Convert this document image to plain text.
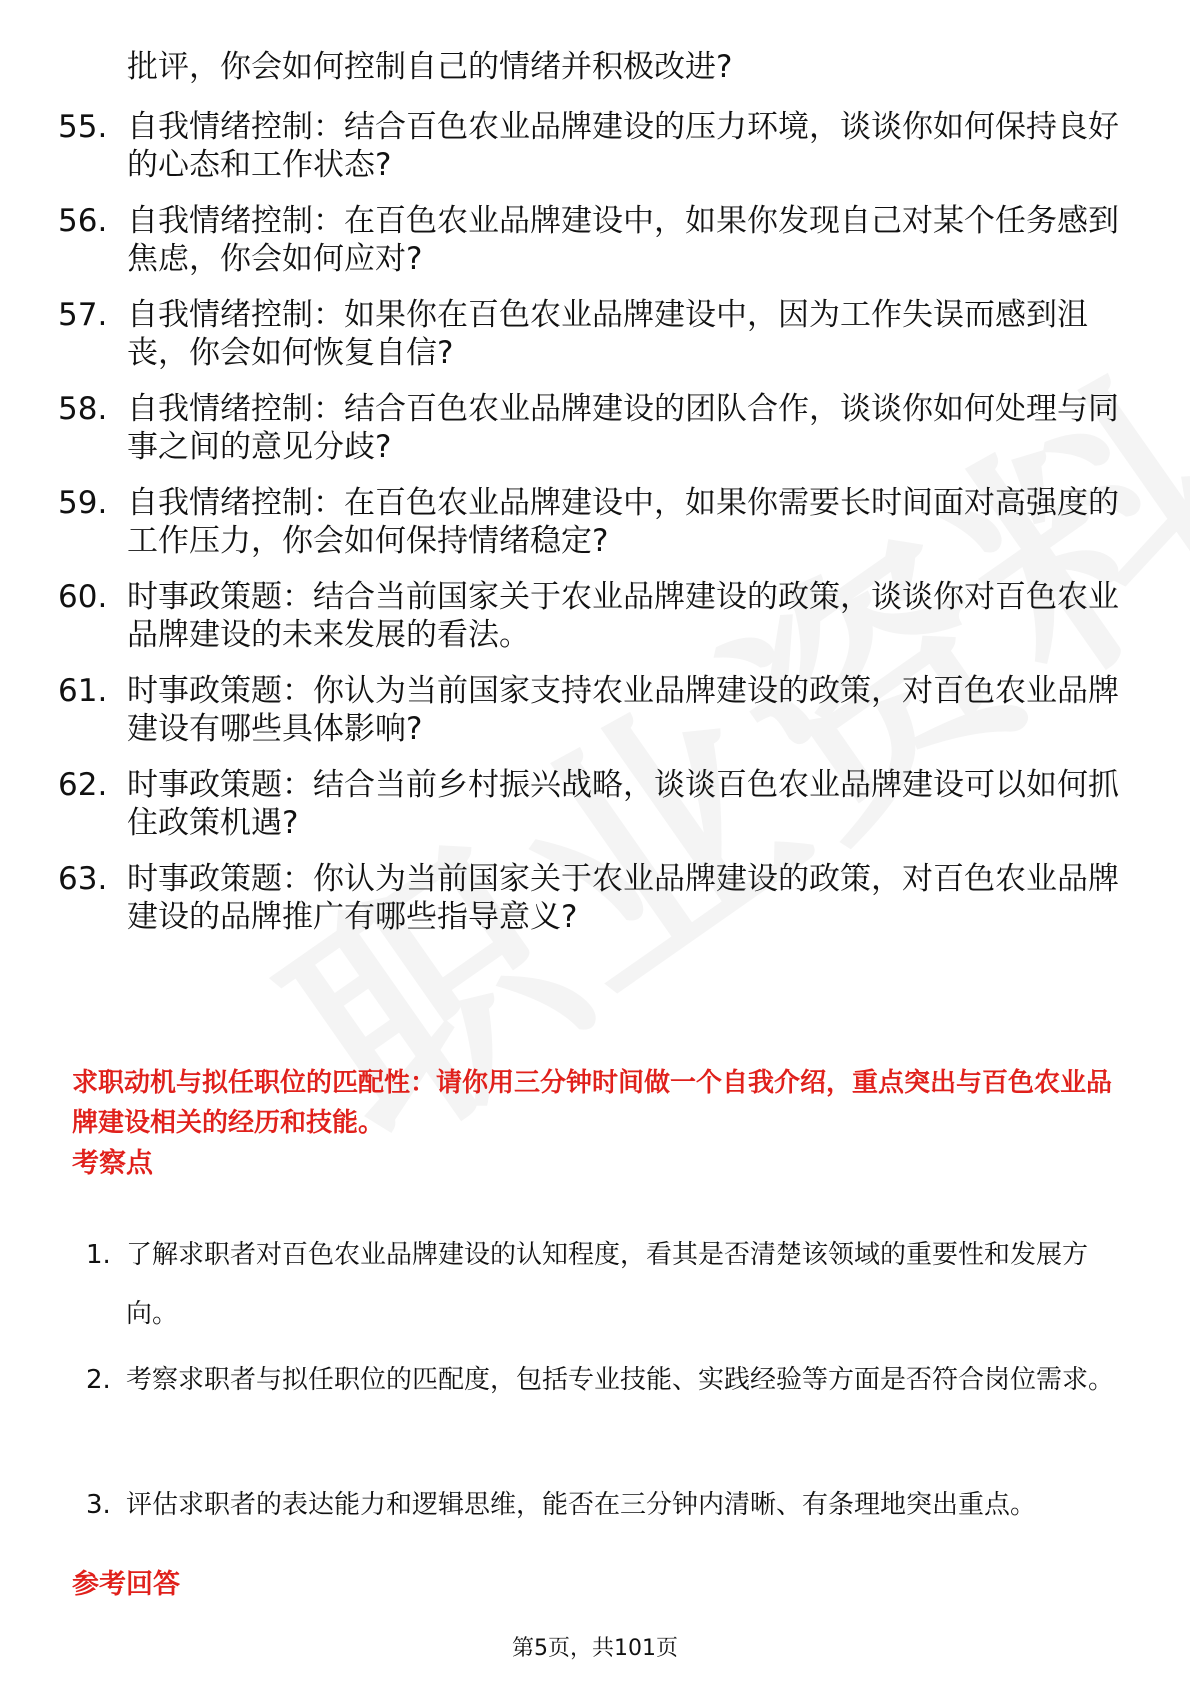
批评，你会如何控制自己的情绪并积极改进?
55. 自我情绪控制：结合百色农业品牌建设的压力环境，谈谈你如何保持良好的心态和工作状态?
56. 自我情绪控制：在百色农业品牌建设中，如果你发现自己对某个任务感到焦虑，你会如何应对?
57. 自我情绪控制：如果你在百色农业品牌建设中，因为工作失误而感到沮丧，你会如何恢复自信?
58. 自我情绪控制：结合百色农业品牌建设的团队合作，谈谈你如何处理与同事之间的意见分歧?
59. 自我情绪控制：在百色农业品牌建设中，如果你需要长时间面对高强度的工作压力，你会如何保持情绪稳定?
60. 时事政策题：结合当前国家关于农业品牌建设的政策，谈谈你对百色农业品牌建设的未来发展的看法。
61. 时事政策题：你认为当前国家支持农业品牌建设的政策，对百色农业品牌建设有哪些具体影响?
62. 时事政策题：结合当前乡村振兴战略，谈谈百色农业品牌建设可以如何抓住政策机遇?
63. 时事政策题：你认为当前国家关于农业品牌建设的政策，对百色农业品牌建设的品牌推广有哪些指导意义?
求职动机与拟任职位的匹配性：请你用三分钟时间做一个自我介绍，重点突出与百色农业品牌建设相关的经历和技能。
考察点
1. 了解求职者对百色农业品牌建设的认知程度，看其是否清楚该领域的重要性和发展方向。
2. 考察求职者与拟任职位的匹配度，包括专业技能、实践经验等方面是否符合岗位需求。
3. 评估求职者的表达能力和逻辑思维，能否在三分钟内清晰、有条理地突出重点。
参考回答
第5页，共101页
